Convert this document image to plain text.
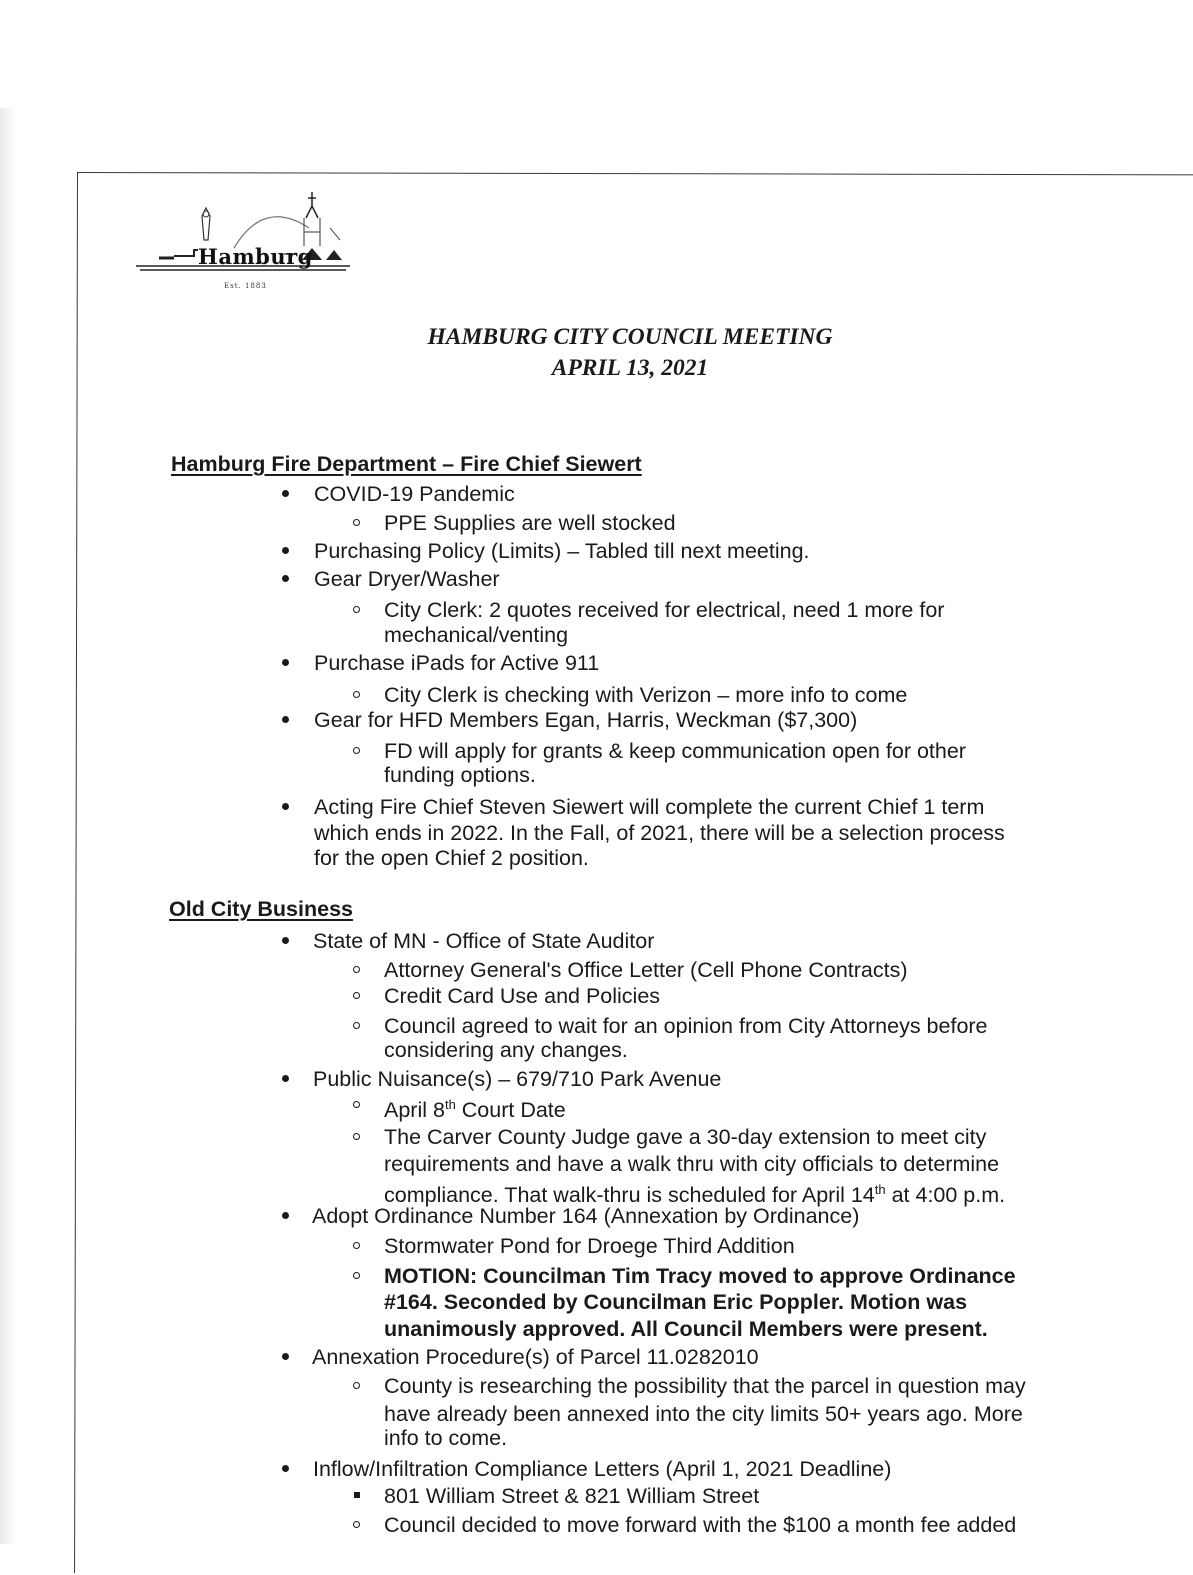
Hamburg
Est. 1883
HAMBURG CITY COUNCIL MEETING
APRIL 13, 2021
Hamburg Fire Department – Fire Chief Siewert
COVID-19 Pandemic
PPE Supplies are well stocked
Purchasing Policy (Limits) – Tabled till next meeting.
Gear Dryer/Washer
City Clerk: 2 quotes received for electrical, need 1 more for
mechanical/venting
Purchase iPads for Active 911
City Clerk is checking with Verizon – more info to come
Gear for HFD Members Egan, Harris, Weckman ($7,300)
FD will apply for grants & keep communication open for other
funding options.
Acting Fire Chief Steven Siewert will complete the current Chief 1 term
which ends in 2022. In the Fall, of 2021, there will be a selection process
for the open Chief 2 position.
Old City Business
State of MN - Office of State Auditor
Attorney General's Office Letter (Cell Phone Contracts)
Credit Card Use and Policies
Council agreed to wait for an opinion from City Attorneys before
considering any changes.
Public Nuisance(s) – 679/710 Park Avenue
April 8th Court Date
The Carver County Judge gave a 30-day extension to meet city
requirements and have a walk thru with city officials to determine
compliance. That walk-thru is scheduled for April 14th at 4:00 p.m.
Adopt Ordinance Number 164 (Annexation by Ordinance)
Stormwater Pond for Droege Third Addition
MOTION: Councilman Tim Tracy moved to approve Ordinance
#164. Seconded by Councilman Eric Poppler. Motion was
unanimously approved. All Council Members were present.
Annexation Procedure(s) of Parcel 11.0282010
County is researching the possibility that the parcel in question may
have already been annexed into the city limits 50+ years ago. More
info to come.
Inflow/Infiltration Compliance Letters (April 1, 2021 Deadline)
801 William Street & 821 William Street
Council decided to move forward with the $100 a month fee added
